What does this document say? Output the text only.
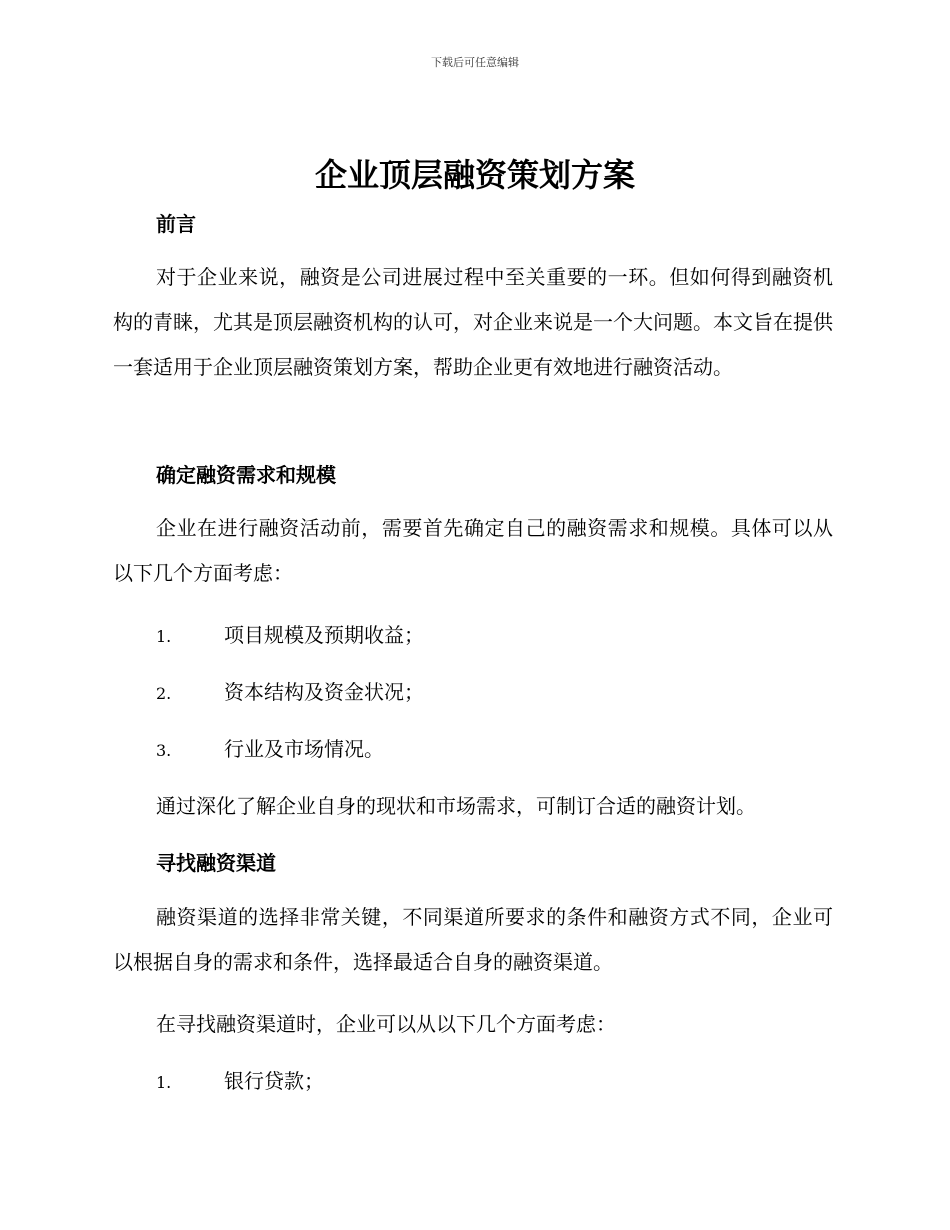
下载后可任意编辑
企业顶层融资策划方案
前言
对于企业来说，融资是公司进展过程中至关重要的一环。但如何得到融资机构的青睐，尤其是顶层融资机构的认可，对企业来说是一个大问题。本文旨在提供一套适用于企业顶层融资策划方案，帮助企业更有效地进行融资活动。
确定融资需求和规模
企业在进行融资活动前，需要首先确定自己的融资需求和规模。具体可以从以下几个方面考虑：
1.	项目规模及预期收益；
2.	资本结构及资金状况；
3.	行业及市场情况。
通过深化了解企业自身的现状和市场需求，可制订合适的融资计划。
寻找融资渠道
融资渠道的选择非常关键，不同渠道所要求的条件和融资方式不同，企业可以根据自身的需求和条件，选择最适合自身的融资渠道。
在寻找融资渠道时，企业可以从以下几个方面考虑：
1.	银行贷款；
